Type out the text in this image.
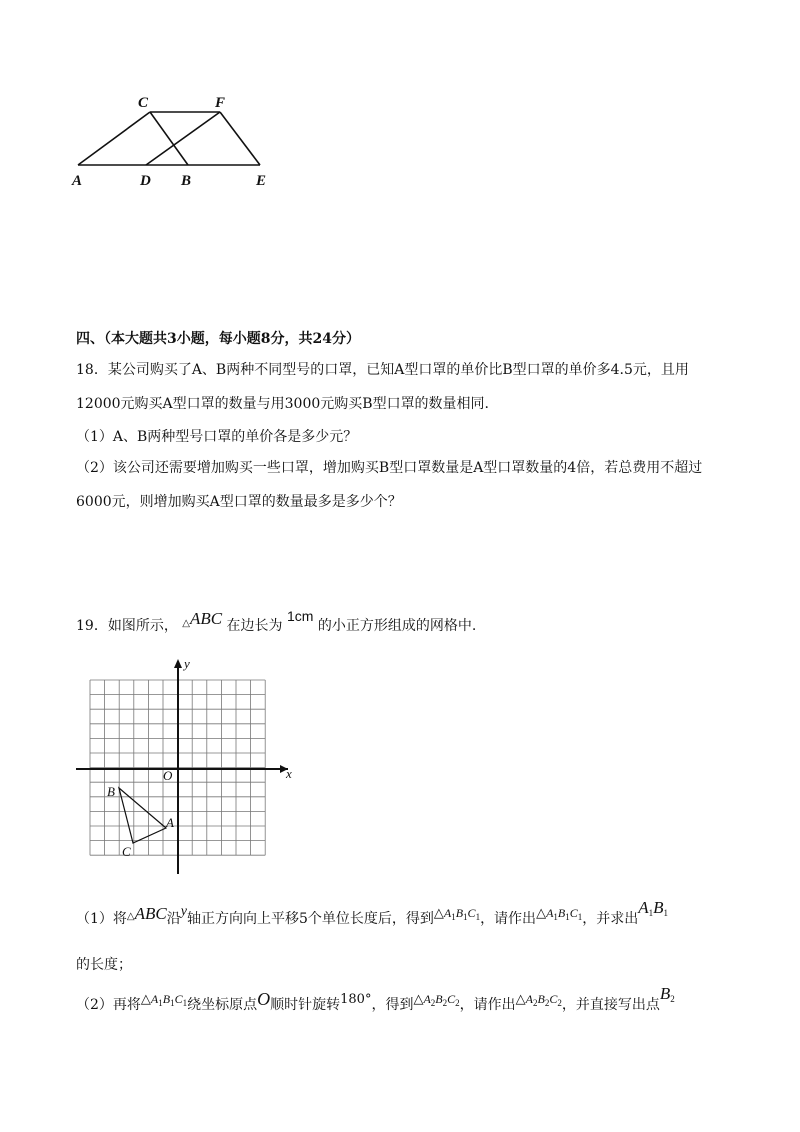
C	F
A	D B	E
四、（本大题共3小题，每小题8分，共24分）
18．某公司购买了A、B两种不同型号的口罩，已知A型口罩的单价比B型口罩的单价多4.5元，且用
12000元购买A型口罩的数量与用3000元购买B型口罩的数量相同.
（1）A、B两种型号口罩的单价各是多少元？
（2）该公司还需要增加购买一些口罩，增加购买B型口罩数量是A型口罩数量的4倍，若总费用不超过
6000元，则增加购买A型口罩的数量最多是多少个？
19．如图所示， △ABC 在边长为 1cm 的小正方形组成的网格中.
x
y
O
B
A
C
（1）将△ABC沿y轴正方向向上平移5个单位长度后，得到$\triangle A_1B_1C_1$，请作出$\triangle A_1B_1C_1$，并求出$A_1B_1$
的长度；
（2）再将$\triangle A_1B_1C_1$绕坐标原点O顺时针旋转180°，得到$\triangle A_2B_2C_2$，请作出$\triangle A_2B_2C_2$，并直接写出点$B_2$
